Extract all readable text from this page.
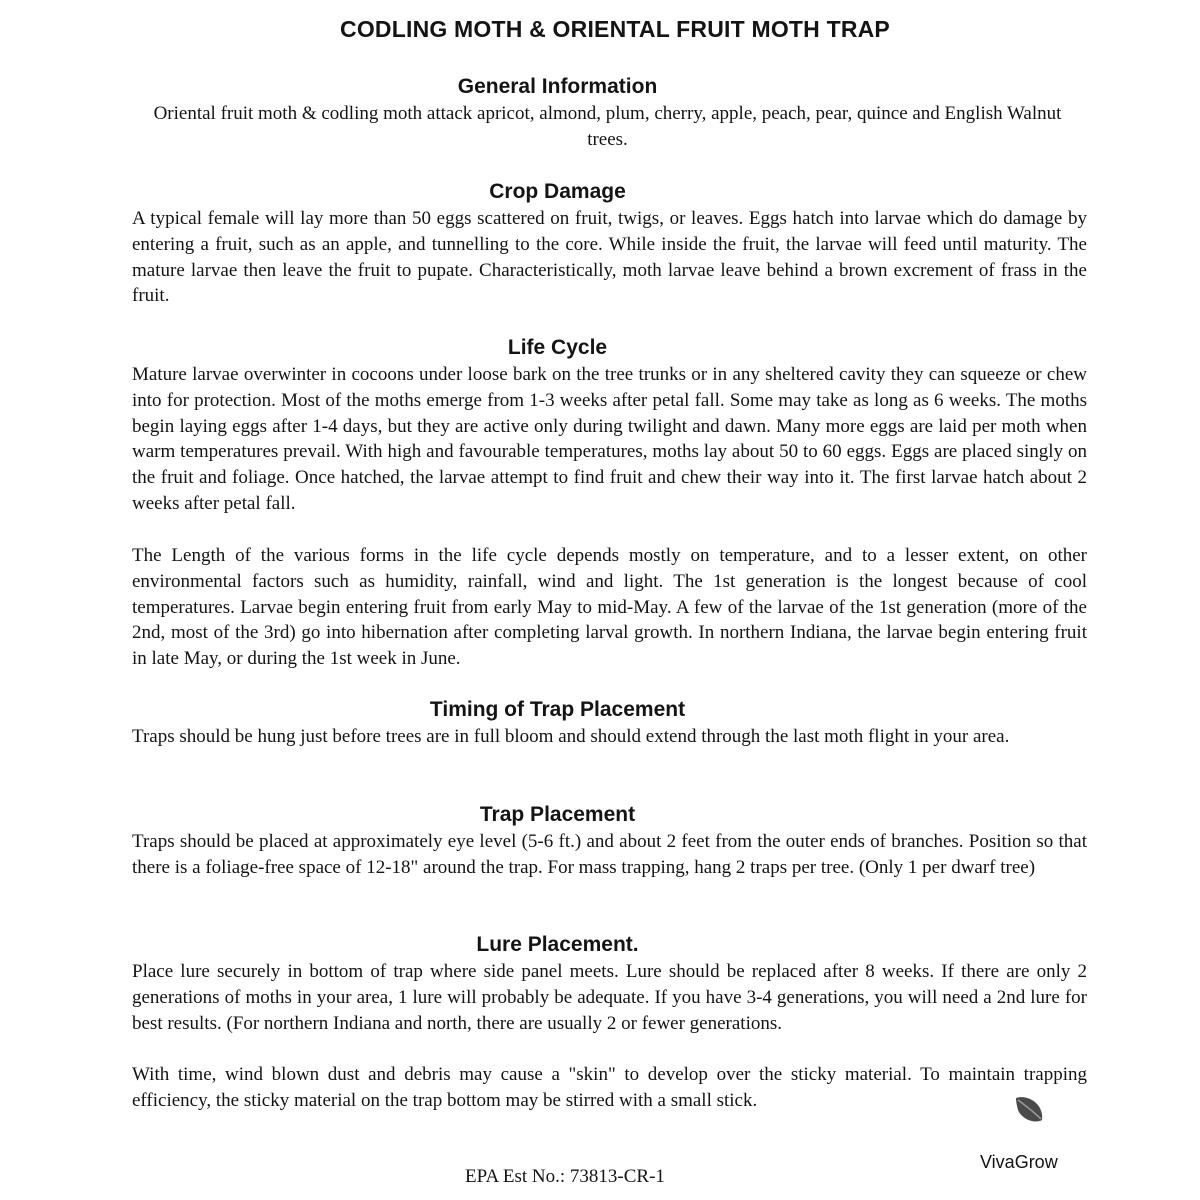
CODLING MOTH & ORIENTAL FRUIT MOTH TRAP
General Information

Oriental fruit moth & codling moth attack apricot, almond, plum, cherry, apple, peach, pear, quince and English Walnut trees.

Crop Damage

A typical female will lay more than 50 eggs scattered on fruit, twigs, or leaves. Eggs hatch into larvae which do damage by entering a fruit, such as an apple, and tunnelling to the core. While inside the fruit, the larvae will feed until maturity. The mature larvae then leave the fruit to pupate. Characteristically, moth larvae leave behind a brown excrement of frass in the fruit.

Life Cycle

Mature larvae overwinter in cocoons under loose bark on the tree trunks or in any sheltered cavity they can squeeze or chew into for protection. Most of the moths emerge from 1-3 weeks after petal fall. Some may take as long as 6 weeks. The moths begin laying eggs after 1-4 days, but they are active only during twilight and dawn. Many more eggs are laid per moth when warm temperatures prevail. With high and favourable temperatures, moths lay about 50 to 60 eggs. Eggs are placed singly on the fruit and foliage. Once hatched, the larvae attempt to find fruit and chew their way into it. The first larvae hatch about 2 weeks after petal fall.

The Length of the various forms in the life cycle depends mostly on temperature, and to a lesser extent, on other environmental factors such as humidity, rainfall, wind and light. The 1st generation is the longest because of cool temperatures. Larvae begin entering fruit from early May to mid-May. A few of the larvae of the 1st generation (more of the 2nd, most of the 3rd) go into hibernation after completing larval growth. In northern Indiana, the larvae begin entering fruit in late May, or during the 1st week in June.

Timing of Trap Placement

Traps should be hung just before trees are in full bloom and should extend through the last moth flight in your area.

Trap Placement

Traps should be placed at approximately eye level (5-6 ft.) and about 2 feet from the outer ends of branches. Position so that there is a foliage-free space of 12-18" around the trap. For mass trapping, hang 2 traps per tree. (Only 1 per dwarf tree)

Lure Placement.

Place lure securely in bottom of trap where side panel meets. Lure should be replaced after 8 weeks. If there are only 2 generations of moths in your area, 1 lure will probably be adequate. If you have 3-4 generations, you will need a 2nd lure for best results. (For northern Indiana and north, there are usually 2 or fewer generations.

With time, wind blown dust and debris may cause a "skin" to develop over the sticky material. To maintain trapping efficiency, the sticky material on the trap bottom may be stirred with a small stick.

EPA Est No.: 73813-CR-1

VivaGrow
